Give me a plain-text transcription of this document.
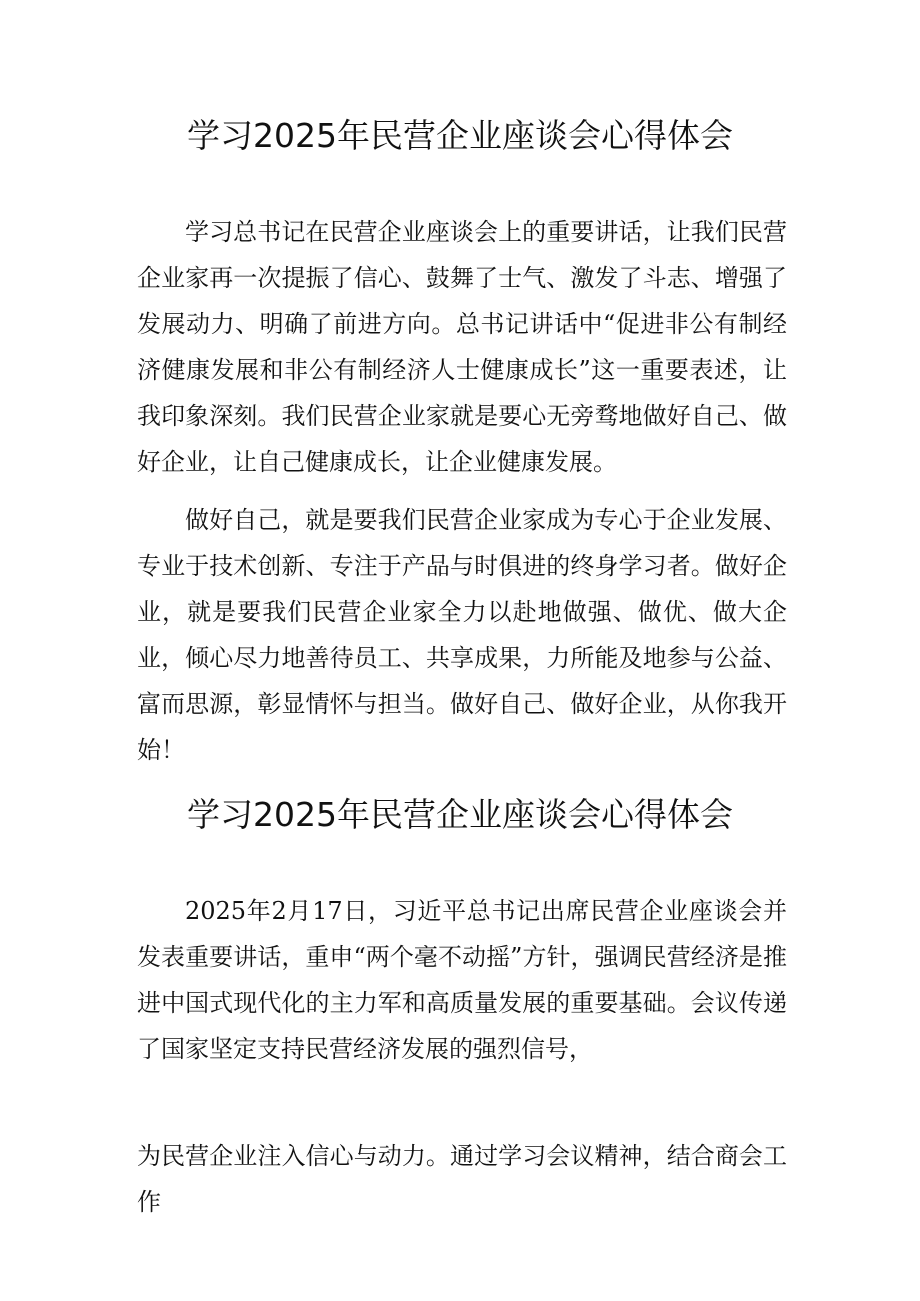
学习2025年民营企业座谈会心得体会

学习总书记在民营企业座谈会上的重要讲话，让我们民营企业家再一次提振了信心、鼓舞了士气、激发了斗志、增强了发展动力、明确了前进方向。总书记讲话中“促进非公有制经济健康发展和非公有制经济人士健康成长”这一重要表述，让我印象深刻。我们民营企业家就是要心无旁骛地做好自己、做好企业，让自己健康成长，让企业健康发展。

做好自己，就是要我们民营企业家成为专心于企业发展、专业于技术创新、专注于产品与时俱进的终身学习者。做好企业，就是要我们民营企业家全力以赴地做强、做优、做大企业，倾心尽力地善待员工、共享成果，力所能及地参与公益、富而思源，彰显情怀与担当。做好自己、做好企业，从你我开始！

学习2025年民营企业座谈会心得体会

2025年2月17日，习近平总书记出席民营企业座谈会并发表重要讲话，重申“两个毫不动摇”方针，强调民营经济是推进中国式现代化的主力军和高质量发展的重要基础。会议传递了国家坚定支持民营经济发展的强烈信号，

为民营企业注入信心与动力。通过学习会议精神，结合商会工作
